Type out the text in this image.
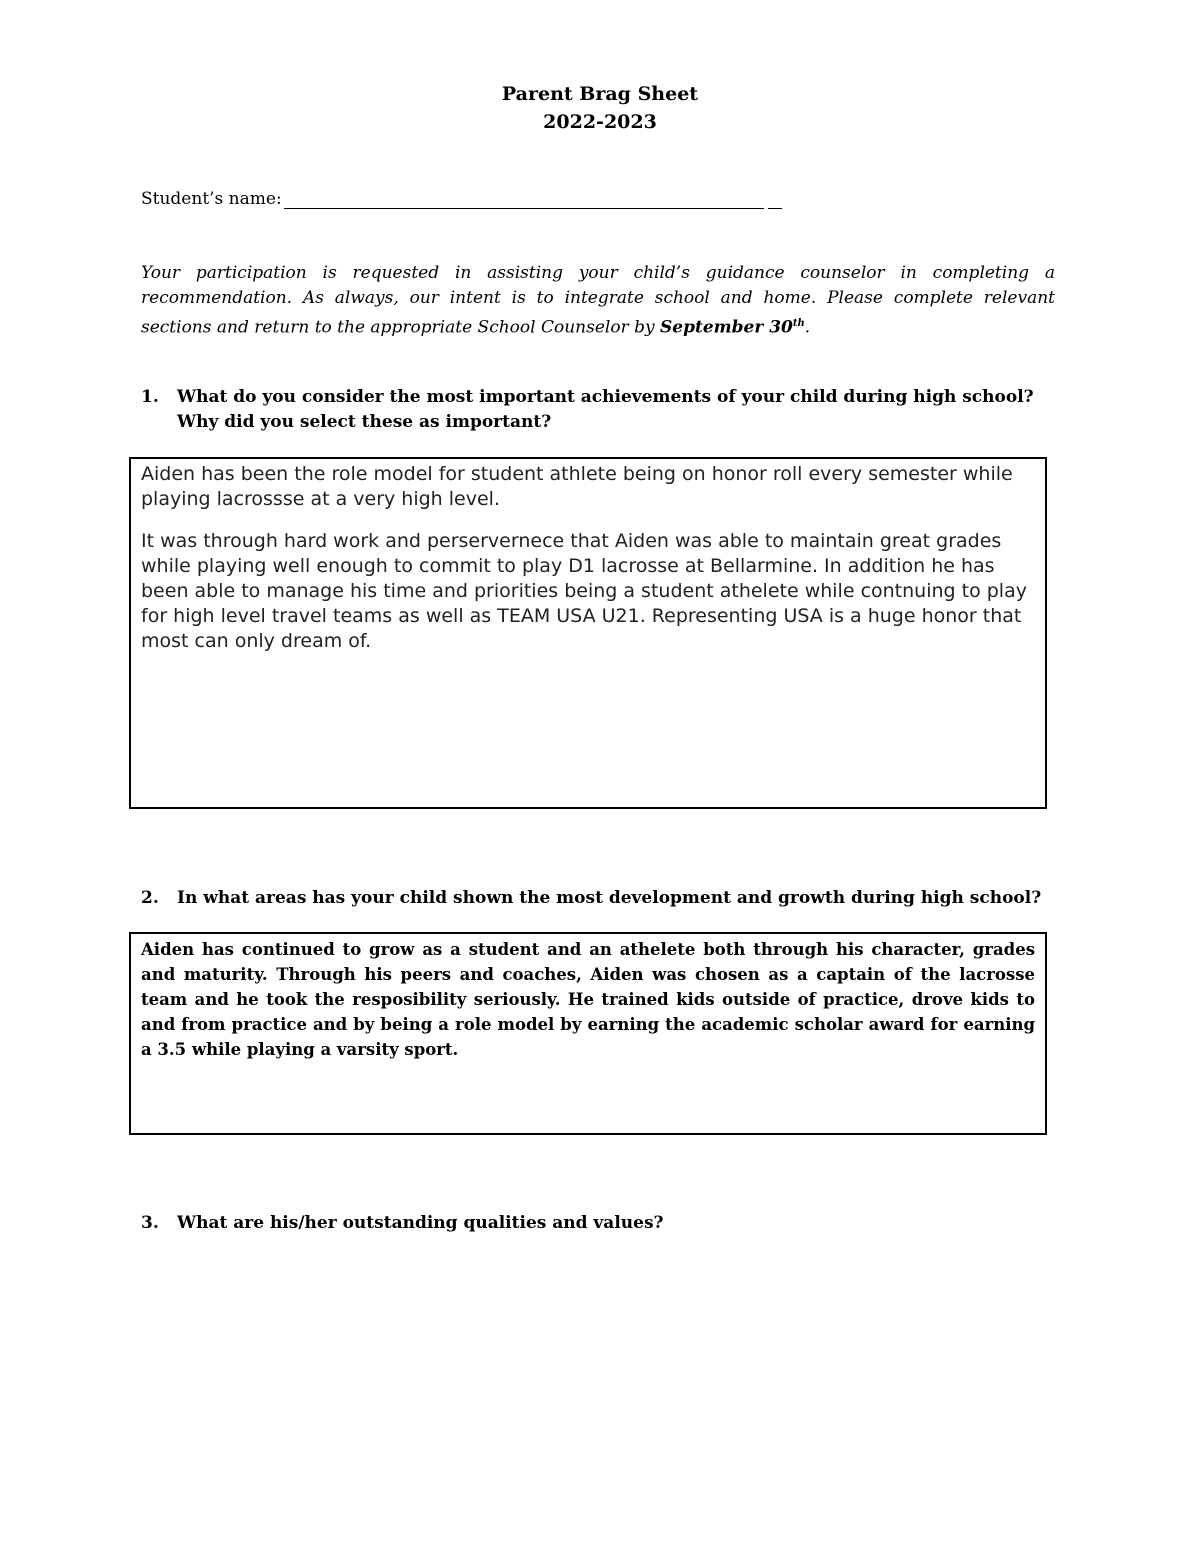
Parent Brag Sheet
2022-2023
Student’s name:
Your participation is requested in assisting your child’s guidance counselor in completing a recommendation. As always, our intent is to integrate school and home. Please complete relevant sections and return to the appropriate School Counselor by September 30th.
1.	What do you consider the most important achievements of your child during high school? Why did you select these as important?

Aiden has been the role model for student athlete being on honor roll every semester while playing lacrossse at a very high level.

It was through hard work and perservernece that Aiden was able to maintain great grades while playing well enough to commit to play D1 lacrosse at Bellarmine. In addition he has been able to manage his time and priorities being a student athelete while contnuing to play for high level travel teams as well as TEAM USA U21. Representing USA is a huge honor that most can only dream of.

2.	In what areas has your child shown the most development and growth during high school?
Aiden has continued to grow as a student and an athelete both through his character, grades and maturity. Through his peers and coaches, Aiden was chosen as a captain of the lacrosse team and he took the resposibility seriously. He trained kids outside of practice, drove kids to and from practice and by being a role model by earning the academic scholar award for earning a 3.5 while playing a varsity sport.
3.	What are his/her outstanding qualities and values?
